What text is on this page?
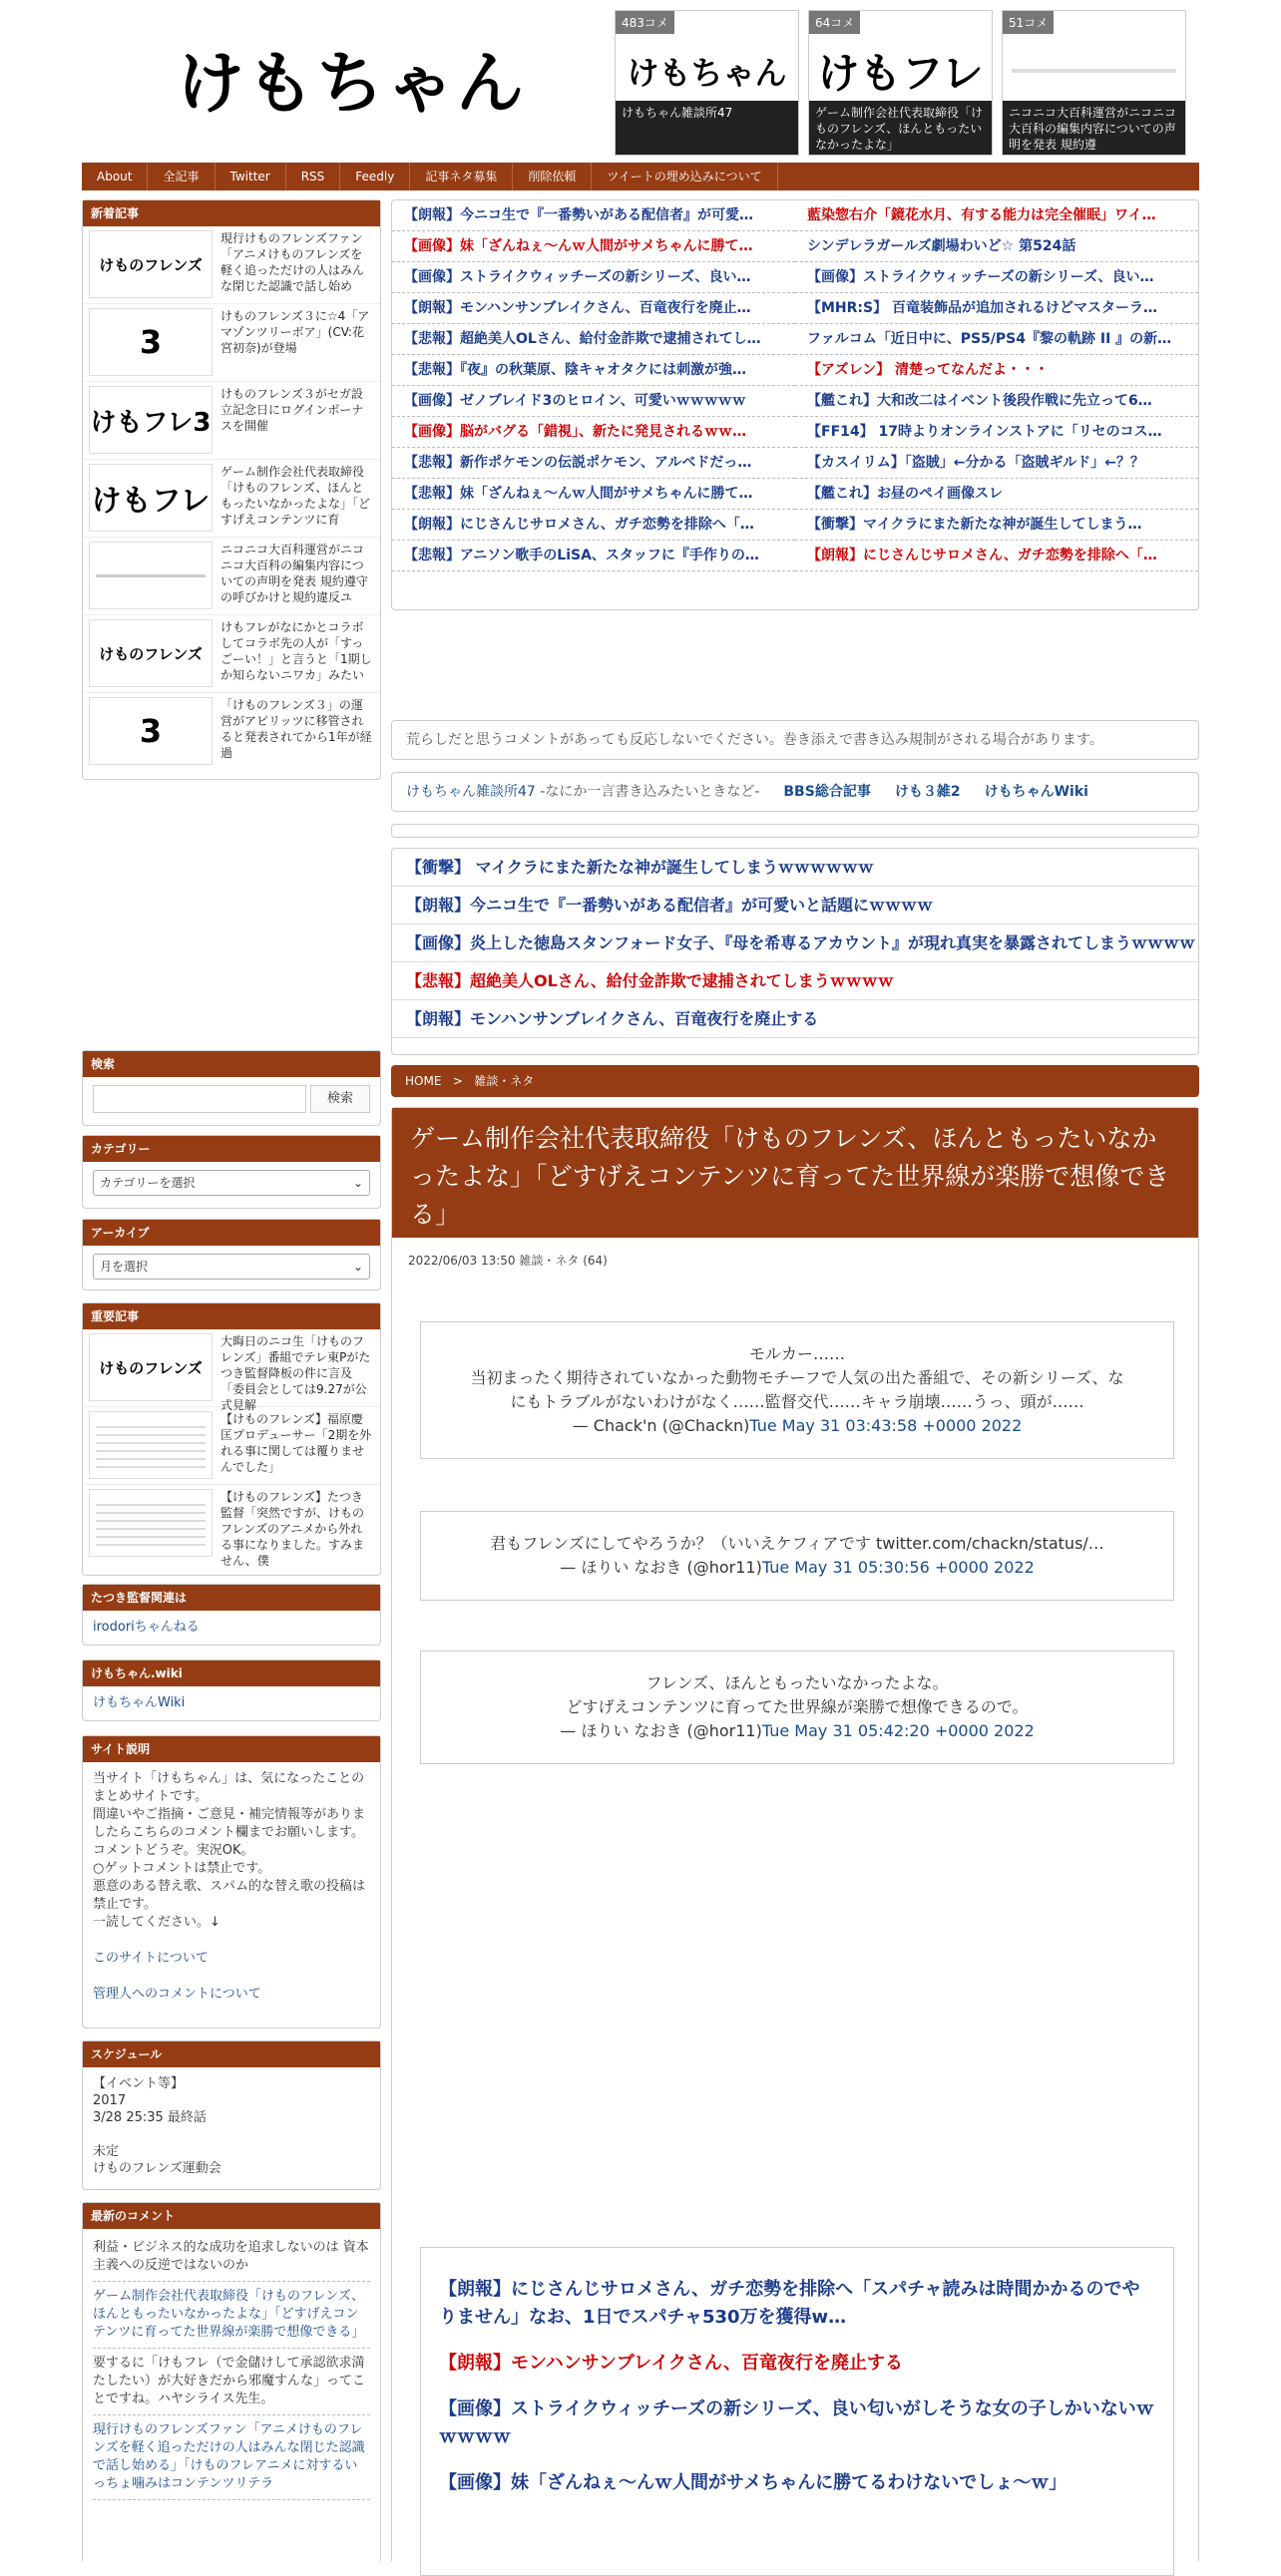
けもちゃん
483コメ
けもちゃん
けもちゃん雑談所47
64コメ
けもフレ
ゲーム制作会社代表取締役「けものフレンズ、ほんともったいなかったよな」
51コメ
ニコニコ大百科運営がニコニコ大百科の編集内容についての声明を発表 規約遵
About	全記事	Twitter	RSS	Feedly	記事ネタ募集	削除依頼	ツイートの埋め込みについて
新着記事
けものフレンズ
現行けものフレンズファン「アニメけものフレンズを軽く追っただけの人はみんな閉じた認識で話し始め
3
けものフレンズ３に☆4「アマゾンツリーボア」(CV:花宮初奈)が登場
けもフレ3
けものフレンズ３がセガ設立記念日にログインボーナスを開催
けもフレ
ゲーム制作会社代表取締役「けものフレンズ、ほんともったいなかったよな」「どすげえコンテンツに育
ニコニコ大百科運営がニコニコ大百科の編集内容についての声明を発表 規約遵守の呼びかけと規約違反ユ
けものフレンズ
けもフレがなにかとコラボしてコラボ先の人が「すっごーい！」と言うと「1期しか知らないニワカ」みたい
3
「けものフレンズ３」の運営がアピリッツに移管されると発表されてから1年が経過
検索
検索
カテゴリー
カテゴリーを選択	⌄
アーカイブ
月を選択	⌄
重要記事
けものフレンズ
大晦日のニコ生「けものフレンズ」番組でテレ東Pがたつき監督降板の件に言及 「委員会としては9.27が公式見解
【けものフレンズ】福原慶匡プロデューサー「2期を外れる事に関しては覆りませんでした」
【けものフレンズ】たつき監督「突然ですが、けものフレンズのアニメから外れる事になりました。すみません、僕
たつき監督関連は
irodoriちゃんねる
けもちゃん.wiki
けもちゃんWiki
サイト説明
当サイト「けもちゃん」は、気になったことのまとめサイトです。
間違いやご指摘・ご意見・補完情報等がありましたらこちらのコメント欄までお願いします。
コメントどうぞ。実況OK。
○ゲットコメントは禁止です。
悪意のある替え歌、スパム的な替え歌の投稿は禁止です。
一読してください。↓
このサイトについて
管理人へのコメントについて
スケジュール
【イベント等】
2017
3/28 25:35 最終話
未定
けものフレンズ運動会
最新のコメント
利益・ビジネス的な成功を追求しないのは 資本主義への反逆ではないのか
ゲーム制作会社代表取締役「けものフレンズ、ほんともったいなかったよな」「どすげえコンテンツに育ってた世界線が楽勝で想像できる」
要するに「けもフレ（で金儲けして承認欲求満たしたい）が大好きだから邪魔すんな」ってことですね。ハヤシライス先生。
現行けものフレンズファン「アニメけものフレンズを軽く追っただけの人はみんな閉じた認識で話し始める」「けものフレアニメに対するいっちょ噛みはコンテンツリテラ
【朗報】今ニコ生で『一番勢いがある配信者』が可愛…	藍染惣右介「鏡花水月、有する能力は完全催眠」ワイ…
【画像】妹「ざんねぇ〜んｗ人間がサメちゃんに勝て…	シンデレラガールズ劇場わいど☆ 第524話
【画像】ストライクウィッチーズの新シリーズ、良い…	【画像】ストライクウィッチーズの新シリーズ、良い…
【朗報】モンハンサンブレイクさん、百竜夜行を廃止…	【MHR:S】 百竜装飾品が追加されるけどマスターラ…
【悲報】超絶美人OLさん、給付金詐欺で逮捕されてし…	ファルコム「近日中に、PS5/PS4『黎の軌跡 II 』の新…
【悲報】『夜』の秋葉原、陰キャオタクには刺激が強…	【アズレン】 清楚ってなんだよ・・・
【画像】ゼノブレイド3のヒロイン、可愛いｗｗｗｗｗ	【艦これ】大和改二はイベント後段作戦に先立って6…
【画像】脳がバグる「錯視」、新たに発見されるｗｗ…	【FF14】 17時よりオンラインストアに「リセのコス…
【悲報】新作ポケモンの伝説ポケモン、アルベドだっ…	【カスイリム】「盗賊」←分かる「盗賊ギルド」←？？
【悲報】妹「ざんねぇ〜んｗ人間がサメちゃんに勝て…	【艦これ】お昼のペイ画像スレ
【朗報】にじさんじサロメさん、ガチ恋勢を排除へ「…	【衝撃】マイクラにまた新たな神が誕生してしまう…
【悲報】アニソン歌手のLiSA、スタッフに『手作りの…	【朗報】にじさんじサロメさん、ガチ恋勢を排除へ「…
荒らしだと思うコメントがあっても反応しないでください。巻き添えで書き込み規制がされる場合があります。
けもちゃん雑談所47 -なにか一言書き込みたいときなど- BBS総合記事 けも３雑2 けもちゃんWiki
【衝撃】 マイクラにまた新たな神が誕生してしまうｗｗｗｗｗｗ
【朗報】今ニコ生で『一番勢いがある配信者』が可愛いと話題にｗｗｗｗ
【画像】炎上した徳島スタンフォード女子、『母を希専るアカウント』が現れ真実を暴露されてしまうｗｗｗｗ
【悲報】超絶美人OLさん、給付金詐欺で逮捕されてしまうｗｗｗｗ
【朗報】モンハンサンブレイクさん、百竜夜行を廃止する
HOME > 雑談・ネタ
ゲーム制作会社代表取締役「けものフレンズ、ほんともったいなかったよな」「どすげえコンテンツに育ってた世界線が楽勝で想像できる」
2022/06/03 13:50 雑談・ネタ (64)
モルカー……
当初まったく期待されていなかった動物モチーフで人気の出た番組で、その新シリーズ、な
にもトラブルがないわけがなく……監督交代……キャラ崩壊……うっ、頭が……
— Chack'n (@Chackn)Tue May 31 03:43:58 +0000 2022
君もフレンズにしてやろうか？（いいえケフィアです twitter.com/chackn/status/…
— ほりい なおき (@hor11)Tue May 31 05:30:56 +0000 2022
フレンズ、ほんともったいなかったよな。
どすげえコンテンツに育ってた世界線が楽勝で想像できるので。
— ほりい なおき (@hor11)Tue May 31 05:42:20 +0000 2022
【朗報】にじさんじサロメさん、ガチ恋勢を排除へ「スパチャ読みは時間かかるのでやりません」なお、1日でスパチャ530万を獲得w…
【朗報】モンハンサンブレイクさん、百竜夜行を廃止する
【画像】ストライクウィッチーズの新シリーズ、良い匂いがしそうな女の子しかいないｗｗｗｗｗ
【画像】妹「ざんねぇ〜んｗ人間がサメちゃんに勝てるわけないでしょ〜ｗ」
